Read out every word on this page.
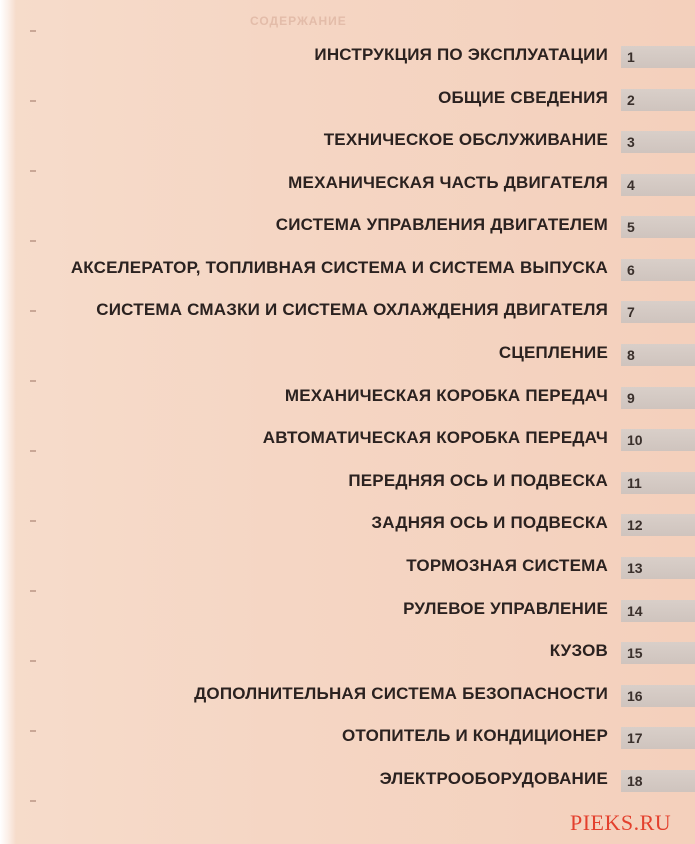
СОДЕРЖАНИЕ
ИНСТРУКЦИЯ ПО ЭКСПЛУАТАЦИИ 1
ОБЩИЕ СВЕДЕНИЯ 2
ТЕХНИЧЕСКОЕ ОБСЛУЖИВАНИЕ 3
МЕХАНИЧЕСКАЯ ЧАСТЬ ДВИГАТЕЛЯ 4
СИСТЕМА УПРАВЛЕНИЯ ДВИГАТЕЛЕМ 5
АКСЕЛЕРАТОР, ТОПЛИВНАЯ СИСТЕМА И СИСТЕМА ВЫПУСКА 6
СИСТЕМА СМАЗКИ И СИСТЕМА ОХЛАЖДЕНИЯ ДВИГАТЕЛЯ 7
СЦЕПЛЕНИЕ 8
МЕХАНИЧЕСКАЯ КОРОБКА ПЕРЕДАЧ 9
АВТОМАТИЧЕСКАЯ КОРОБКА ПЕРЕДАЧ 10
ПЕРЕДНЯЯ ОСЬ И ПОДВЕСКА 11
ЗАДНЯЯ ОСЬ И ПОДВЕСКА 12
ТОРМОЗНАЯ СИСТЕМА 13
РУЛЕВОЕ УПРАВЛЕНИЕ 14
КУЗОВ 15
ДОПОЛНИТЕЛЬНАЯ СИСТЕМА БЕЗОПАСНОСТИ 16
ОТОПИТЕЛЬ И КОНДИЦИОНЕР 17
ЭЛЕКТРООБОРУДОВАНИЕ 18
PIEKS.RU
